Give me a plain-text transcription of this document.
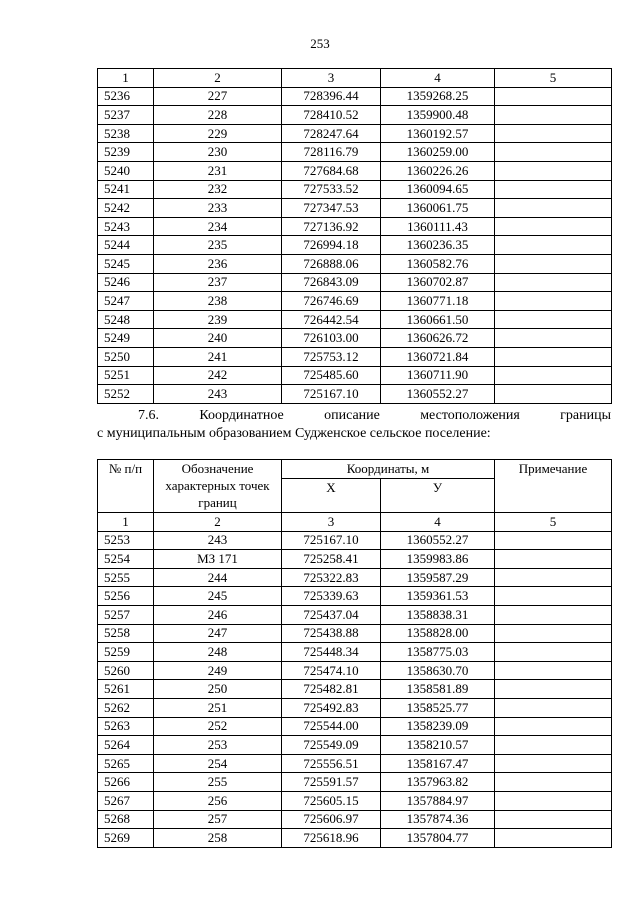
253
1	2	3	4	5
5236	227	728396.44	1359268.25	
5237	228	728410.52	1359900.48	
5238	229	728247.64	1360192.57	
5239	230	728116.79	1360259.00	
5240	231	727684.68	1360226.26	
5241	232	727533.52	1360094.65	
5242	233	727347.53	1360061.75	
5243	234	727136.92	1360111.43	
5244	235	726994.18	1360236.35	
5245	236	726888.06	1360582.76	
5246	237	726843.09	1360702.87	
5247	238	726746.69	1360771.18	
5248	239	726442.54	1360661.50	
5249	240	726103.00	1360626.72	
5250	241	725753.12	1360721.84	
5251	242	725485.60	1360711.90	
5252	243	725167.10	1360552.27	
7.6.	Координатное	описание	местоположения	границы
с муниципальным образованием Суджeнское сельское поселение:
№ п/п	Обозначение характерных точек границ	Координаты, м		Примечание
		X	У	
1	2	3	4	5
5253	243	725167.10	1360552.27	
5254	МЗ 171	725258.41	1359983.86	
5255	244	725322.83	1359587.29	
5256	245	725339.63	1359361.53	
5257	246	725437.04	1358838.31	
5258	247	725438.88	1358828.00	
5259	248	725448.34	1358775.03	
5260	249	725474.10	1358630.70	
5261	250	725482.81	1358581.89	
5262	251	725492.83	1358525.77	
5263	252	725544.00	1358239.09	
5264	253	725549.09	1358210.57	
5265	254	725556.51	1358167.47	
5266	255	725591.57	1357963.82	
5267	256	725605.15	1357884.97	
5268	257	725606.97	1357874.36	
5269	258	725618.96	1357804.77	
